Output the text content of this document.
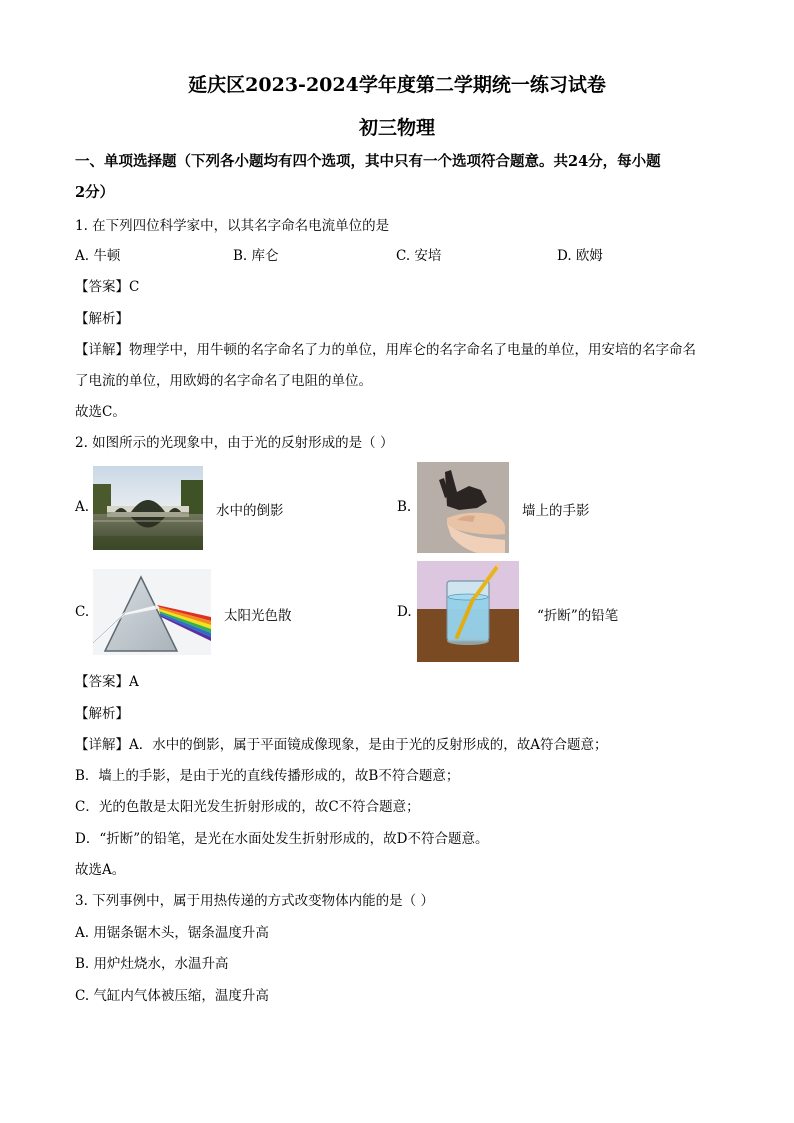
延庆区2023-2024学年度第二学期统一练习试卷
初三物理
一、单项选择题（下列各小题均有四个选项，其中只有一个选项符合题意。共24分，每小题
2分）
1. 在下列四位科学家中，以其名字命名电流单位的是
A. 牛顿	B. 库仑	C. 安培	D. 欧姆
【答案】C
【解析】
【详解】物理学中，用牛顿的名字命名了力的单位，用库仑的名字命名了电量的单位，用安培的名字命名
了电流的单位，用欧姆的名字命名了电阻的单位。
故选C。
2. 如图所示的光现象中，由于光的反射形成的是（ ）
A.	水中的倒影	B.	墙上的手影
C.	太阳光色散	D.	“折断”的铅笔
【答案】A
【解析】
【详解】A．水中的倒影，属于平面镜成像现象，是由于光的反射形成的，故A符合题意；
B．墙上的手影，是由于光的直线传播形成的，故B不符合题意；
C．光的色散是太阳光发生折射形成的，故C不符合题意；
D．“折断”的铅笔，是光在水面处发生折射形成的，故D不符合题意。
故选A。
3. 下列事例中，属于用热传递的方式改变物体内能的是（ ）
A. 用锯条锯木头，锯条温度升高
B. 用炉灶烧水，水温升高
C. 气缸内气体被压缩，温度升高
